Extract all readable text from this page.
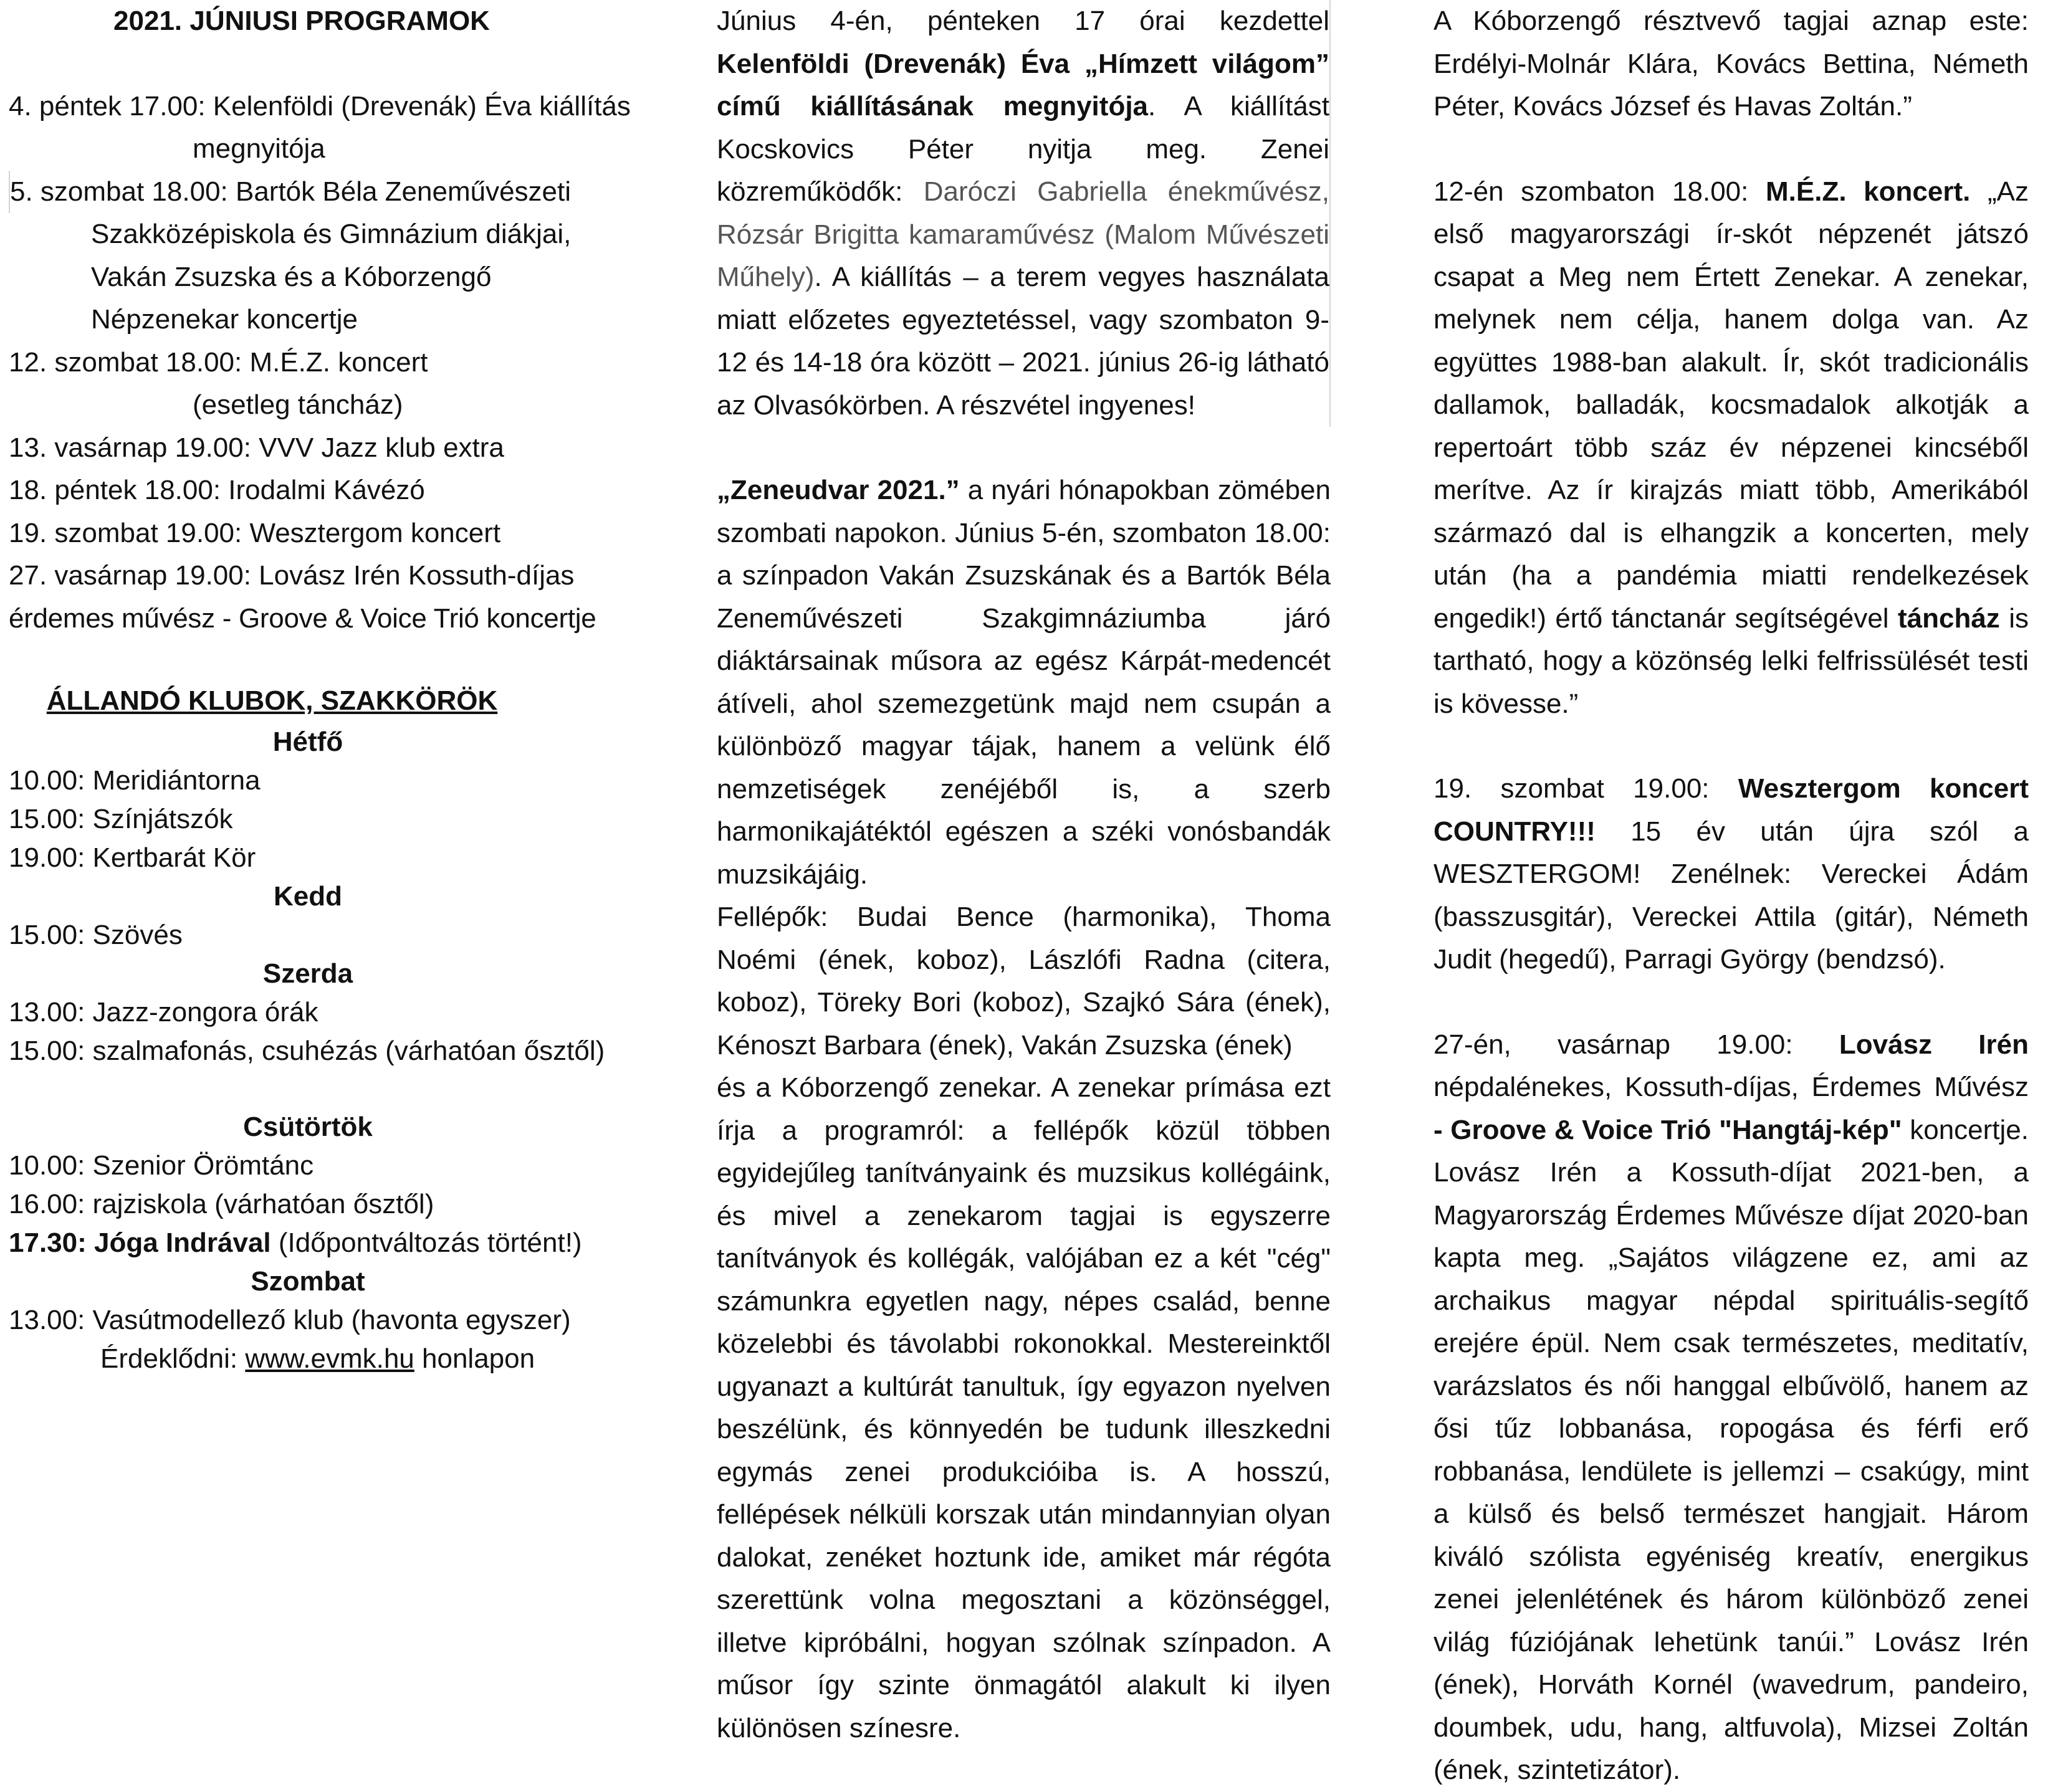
2021. JÚNIUSI PROGRAMOK
4. péntek 17.00: Kelenföldi (Drevenák) Éva kiállítás
megnyitója
5. szombat 18.00: Bartók Béla Zeneművészeti
Szakközépiskola és Gimnázium diákjai,
Vakán Zsuzska és a Kóborzengő
Népzenekar koncertje
12. szombat 18.00: M.É.Z. koncert
(esetleg táncház)
13. vasárnap 19.00: VVV Jazz klub extra
18. péntek 18.00: Irodalmi Kávézó
19. szombat 19.00: Wesztergom koncert
27. vasárnap 19.00: Lovász Irén Kossuth-díjas
érdemes művész - Groove & Voice Trió koncertje
ÁLLANDÓ KLUBOK, SZAKKÖRÖK
Hétfő
10.00: Meridiántorna
15.00: Színjátszók
19.00: Kertbarát Kör
Kedd
15.00: Szövés
Szerda
13.00: Jazz-zongora órák
15.00: szalmafonás, csuhézás (várhatóan ősztől)
Csütörtök
10.00: Szenior Örömtánc
16.00: rajziskola (várhatóan ősztől)
17.30: Jóga Indrával (Időpontváltozás történt!)
Szombat
13.00: Vasútmodellező klub (havonta egyszer)
Érdeklődni: www.evmk.hu honlapon

Június 4-én, pénteken 17 órai kezdettel Kelenföldi (Drevenák) Éva „Hímzett világom” című kiállításának megnyitója. A kiállítást Kocskovics Péter nyitja meg. Zenei közreműködők: Daróczi Gabriella énekművész, Rózsár Brigitta kamaraművész (Malom Művészeti Műhely). A kiállítás – a terem vegyes használata miatt előzetes egyeztetéssel, vagy szombaton 9-12 és 14-18 óra között – 2021. június 26-ig látható az Olvasókörben. A részvétel ingyenes!

„Zeneudvar 2021.” a nyári hónapokban zömében szombati napokon. Június 5-én, szombaton 18.00: a színpadon Vakán Zsuzskának és a Bartók Béla Zeneművészeti Szakgimnáziumba járó diáktársainak műsora az egész Kárpát-medencét átíveli, ahol szemezgetünk majd nem csupán a különböző magyar tájak, hanem a velünk élő nemzetiségek zenéjéből is, a szerb harmonikajátéktól egészen a széki vonósbandák muzsikájáig.

Fellépők: Budai Bence (harmonika), Thoma Noémi (ének, koboz), Lászlófi Radna (citera, koboz), Töreky Bori (koboz), Szajkó Sára (ének), Kénoszt Barbara (ének), Vakán Zsuzska (ének)

és a Kóborzengő zenekar. A zenekar prímása ezt írja a programról: a fellépők közül többen egyidejűleg tanítványaink és muzsikus kollégáink, és mivel a zenekarom tagjai is egyszerre tanítványok és kollégák, valójában ez a két "cég" számunkra egyetlen nagy, népes család, benne közelebbi és távolabbi rokonokkal. Mestereinktől ugyanazt a kultúrát tanultuk, így egyazon nyelven beszélünk, és könnyedén be tudunk illeszkedni egymás zenei produkcióiba is. A hosszú, fellépések nélküli korszak után mindannyian olyan dalokat, zenéket hoztunk ide, amiket már régóta szerettünk volna megosztani a közönséggel, illetve kipróbálni, hogyan szólnak színpadon. A műsor így szinte önmagától alakult ki ilyen különösen színesre.

A Kóborzengő résztvevő tagjai aznap este: Erdélyi-Molnár Klára, Kovács Bettina, Németh Péter, Kovács József és Havas Zoltán.”

12-én szombaton 18.00: M.É.Z. koncert. „Az első magyarországi ír-skót népzenét játszó csapat a Meg nem Értett Zenekar. A zenekar, melynek nem célja, hanem dolga van. Az együttes 1988-ban alakult. Ír, skót tradicionális dallamok, balladák, kocsmadalok alkotják a repertoárt több száz év népzenei kincséből merítve. Az ír kirajzás miatt több, Amerikából származó dal is elhangzik a koncerten, mely után (ha a pandémia miatti rendelkezések engedik!) értő tánctanár segítségével táncház is tartható, hogy a közönség lelki felfrissülését testi is kövesse.”

19. szombat 19.00: Wesztergom koncert COUNTRY!!! 15 év után újra szól a WESZTERGOM! Zenélnek: Vereckei Ádám (basszusgitár), Vereckei Attila (gitár), Németh Judit (hegedű), Parragi György (bendzsó).

27-én, vasárnap 19.00: Lovász Irén népdalénekes, Kossuth-díjas, Érdemes Művész - Groove & Voice Trió "Hangtáj-kép" koncertje. Lovász Irén a Kossuth-díjat 2021-ben, a Magyarország Érdemes Művésze díjat 2020-ban kapta meg. „Sajátos világzene ez, ami az archaikus magyar népdal spirituális-segítő erejére épül. Nem csak természetes, meditatív, varázslatos és női hanggal elbűvölő, hanem az ősi tűz lobbanása, ropogása és férfi erő robbanása, lendülete is jellemzi – csakúgy, mint a külső és belső természet hangjait. Három kiváló szólista egyéniség kreatív, energikus zenei jelenlétének és három különböző zenei világ fúziójának lehetünk tanúi.” Lovász Irén (ének), Horváth Kornél (wavedrum, pandeiro, doumbek, udu, hang, altfuvola), Mizsei Zoltán (ének, szintetizátor).
